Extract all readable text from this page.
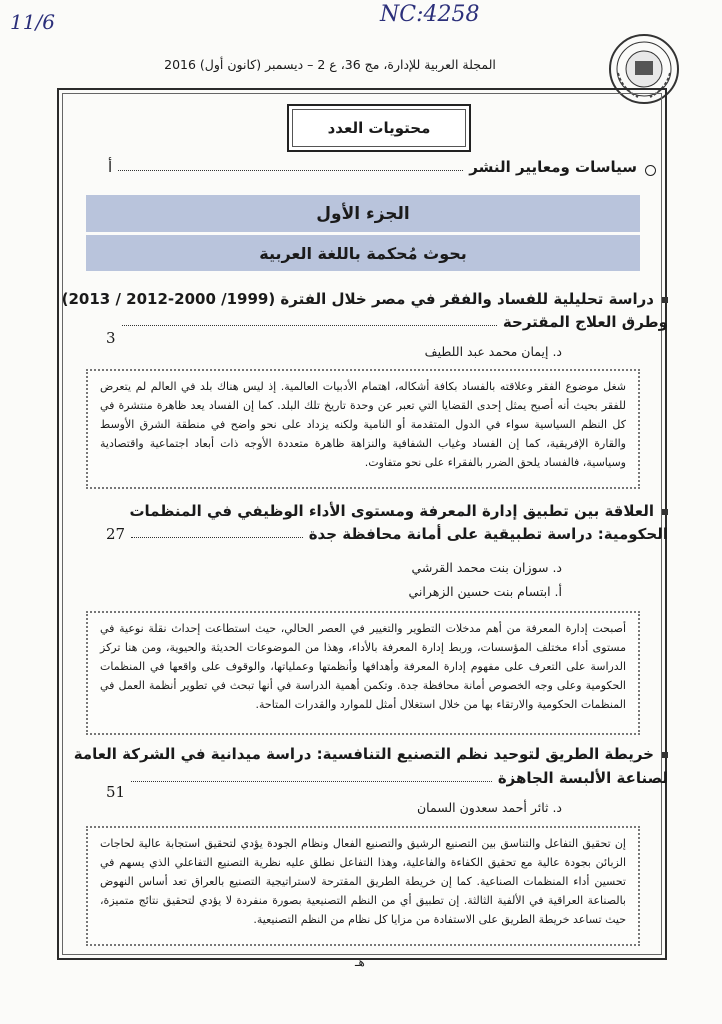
11/6	NC:4258
المجلة العربية للإدارة، مج 36، ع 2 – ديسمبر (كانون أول) 2016
محتويات العدد
سياسات ومعايير النشر
أ
الجزء الأول
بحوث مُحكمة باللغة العربية
دراسة تحليلية للفساد والفقر في مصر خلال الفترة (1999/ 2000-2012 / 2013)
وطرق العلاج المقترحة
3
د. إيمان محمد عبد اللطيف
شغل موضوع الفقر وعلاقته بالفساد بكافة أشكاله، اهتمام الأدبيات العالمية. إذ ليس هناك بلد في العالم لم يتعرض للفقر بحيث أنه أصبح يمثل إحدى القضايا التي تعبر عن وحدة تاريخ تلك البلد. كما إن الفساد يعد ظاهرة منتشرة في كل النظم السياسية سواء في الدول المتقدمة أو النامية ولكنه يزداد على نحو واضح في منطقة الشرق الأوسط والقارة الإفريقية، كما إن الفساد وغياب الشفافية والنزاهة ظاهرة متعددة الأوجه ذات أبعاد اجتماعية واقتصادية وسياسية، فالفساد يلحق الضرر بالفقراء على نحو متفاوت.
العلاقة بين تطبيق إدارة المعرفة ومستوى الأداء الوظيفي في المنظمات
الحكومية: دراسة تطبيقية على أمانة محافظة جدة
27
د. سوزان بنت محمد القرشي
أ. ابتسام بنت حسين الزهراني
أصبحت إدارة المعرفة من أهم مدخلات التطوير والتغيير في العصر الحالي، حيث استطاعت إحداث نقلة نوعية في مستوى أداء مختلف المؤسسات، وربط إدارة المعرفة بالأداء، وهذا من الموضوعات الحديثة والحيوية، ومن هنا تركز الدراسة على التعرف على مفهوم إدارة المعرفة وأهدافها وأنظمتها وعملياتها، والوقوف على واقعها في المنظمات الحكومية وعلى وجه الخصوص أمانة محافظة جدة. وتكمن أهمية الدراسة في أنها تبحث في تطوير أنظمة العمل في المنظمات الحكومية والارتقاء بها من خلال استغلال أمثل للموارد والقدرات المتاحة.
خريطة الطريق لتوحيد نظم التصنيع التنافسية: دراسة ميدانية في الشركة العامة
لصناعة الألبسة الجاهزة
51
د. ثائر أحمد سعدون السمان
إن تحقيق التفاعل والتناسق بين التصنيع الرشيق والتصنيع الفعال ونظام الجودة يؤدي لتحقيق استجابة عالية لحاجات الزبائن بجودة عالية مع تحقيق الكفاءة والفاعلية، وهذا التفاعل نطلق عليه نظرية التصنيع التفاعلي الذي يسهم في تحسين أداء المنظمات الصناعية. كما إن خريطة الطريق المقترحة لاستراتيجية التصنيع بالعراق تعد أساس النهوض بالصناعة العراقية في الألفية الثالثة. إن تطبيق أي من النظم التصنيعية بصورة منفردة لا يؤدي لتحقيق نتائج متميزة، حيث تساعد خريطة الطريق على الاستفادة من مزايا كل نظام من النظم التصنيعية.
هـ
